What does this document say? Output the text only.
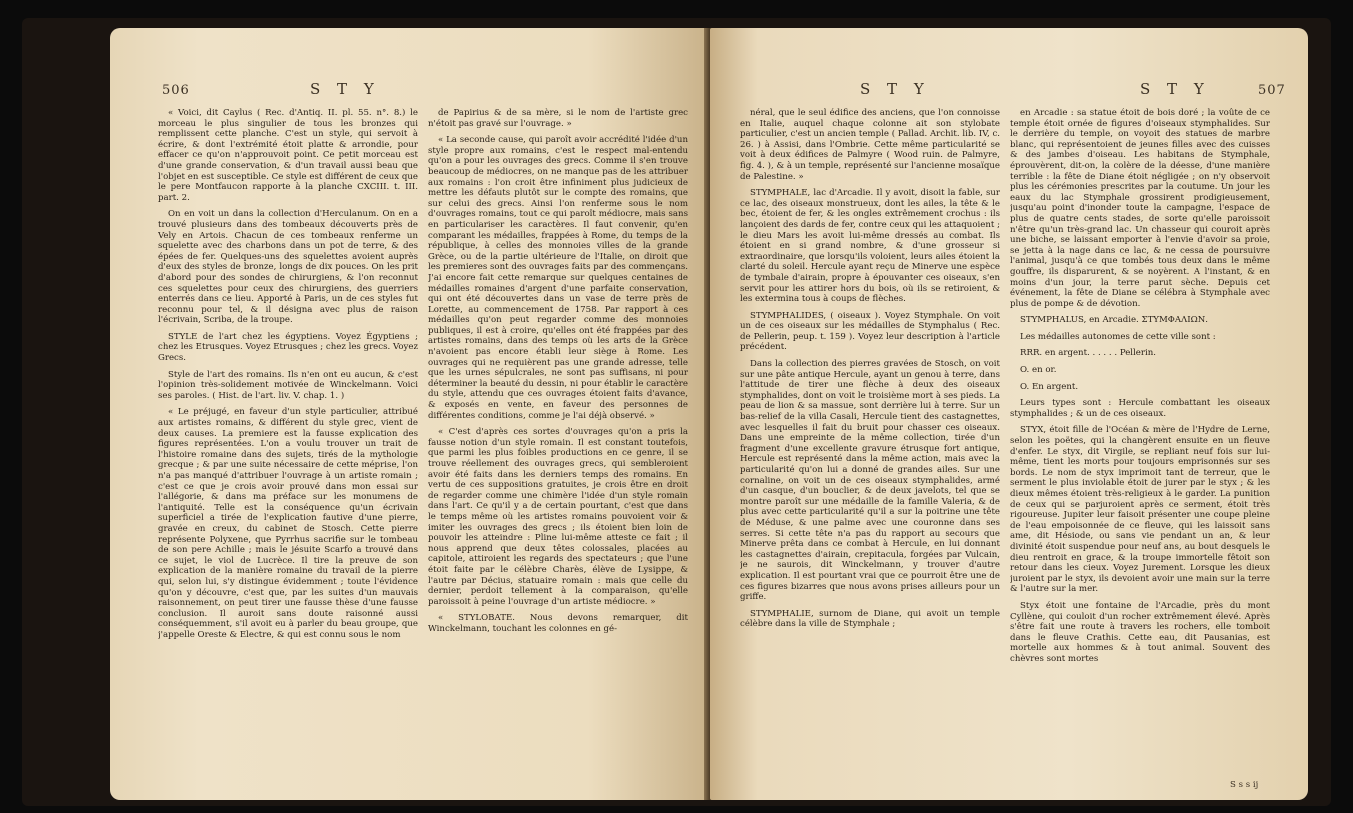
506	S T Y

« Voici, dit Caylus ( Rec. d'Antiq. II. pl. 55. n°. 8.) le morceau le plus singulier de tous les bronzes qui remplissent cette planche. C'est un style, qui servoit à écrire, & dont l'extrémité étoit platte & arrondie, pour effacer ce qu'on n'approuvoit point. Ce petit morceau est d'une grande conservation, & d'un travail aussi beau que l'objet en est susceptible. Ce style est différent de ceux que le pere Montfaucon rapporte à la planche CXCIII. t. III. part. 2.

On en voit un dans la collection d'Herculanum. On en a trouvé plusieurs dans des tombeaux découverts près de Vely en Artois. Chacun de ces tombeaux renferme un squelette avec des charbons dans un pot de terre, & des épées de fer. Quelques-uns des squelettes avoient auprès d'eux des styles de bronze, longs de dix pouces. On les prit d'abord pour des sondes de chirurgiens, & l'on reconnut ces squelettes pour ceux des chirurgiens, des guerriers enterrés dans ce lieu. Apporté à Paris, un de ces styles fut reconnu pour tel, & il désigna avec plus de raison l'écrivain, Scriba, de la troupe.

STYLE de l'art chez les égyptiens. Voyez Égyptiens ; chez les Etrusques. Voyez Etrusques ; chez les grecs. Voyez Grecs.

Style de l'art des romains. Ils n'en ont eu aucun, & c'est l'opinion très-solidement motivée de Winckelmann. Voici ses paroles. ( Hist. de l'art. liv. V. chap. 1. )

« Le préjugé, en faveur d'un style particulier, attribué aux artistes romains, & différent du style grec, vient de deux causes. La premiere est la fausse explication des figures représentées. L'on a voulu trouver un trait de l'histoire romaine dans des sujets, tirés de la mythologie grecque ; & par une suite nécessaire de cette méprise, l'on n'a pas manqué d'attribuer l'ouvrage à un artiste romain ; c'est ce que je crois avoir prouvé dans mon essai sur l'allégorie, & dans ma préface sur les monumens de l'antiquité. Telle est la conséquence qu'un écrivain superficiel a tirée de l'explication fautive d'une pierre, gravée en creux, du cabinet de Stosch. Cette pierre représente Polyxene, que Pyrrhus sacrifie sur le tombeau de son pere Achille ; mais le jésuite Scarfo a trouvé dans ce sujet, le viol de Lucrèce. Il tire la preuve de son explication de la manière romaine du travail de la pierre qui, selon lui, s'y distingue évidemment ; toute l'évidence qu'on y découvre, c'est que, par les suites d'un mauvais raisonnement, on peut tirer une fausse thèse d'une fausse conclusion. Il auroit sans doute raisonné aussi conséquemment, s'il avoit eu à parler du beau groupe, que j'appelle Oreste & Electre, & qui est connu sous le nom

de Papirius & de sa mère, si le nom de l'artiste grec n'étoit pas gravé sur l'ouvrage. »

« La seconde cause, qui paroît avoir accrédité l'idée d'un style propre aux romains, c'est le respect mal-entendu qu'on a pour les ouvrages des grecs. Comme il s'en trouve beaucoup de médiocres, on ne manque pas de les attribuer aux romains : l'on croit être infiniment plus judicieux de mettre les défauts plutôt sur le compte des romains, que sur celui des grecs. Ainsi l'on renferme sous le nom d'ouvrages romains, tout ce qui paroît médiocre, mais sans en particulariser les caractères. Il faut convenir, qu'en comparant les médailles, frappées à Rome, du temps de la république, à celles des monnoies villes de la grande Grèce, ou de la partie ultérieure de l'Italie, on diroit que les premieres sont des ouvrages faits par des commençans. J'ai encore fait cette remarque sur quelques centaines de médailles romaines d'argent d'une parfaite conservation, qui ont été découvertes dans un vase de terre près de Lorette, au commencement de 1758. Par rapport à ces médailles qu'on peut regarder comme des monnoies publiques, il est à croire, qu'elles ont été frappées par des artistes romains, dans des temps où les arts de la Grèce n'avoient pas encore établi leur siège à Rome. Les ouvrages qui ne requièrent pas une grande adresse, telle que les urnes sépulcrales, ne sont pas suffisans, ni pour déterminer la beauté du dessin, ni pour établir le caractère du style, attendu que ces ouvrages étoient faits d'avance, & exposés en vente, en faveur des personnes de différentes conditions, comme je l'ai déjà observé. »

« C'est d'après ces sortes d'ouvrages qu'on a pris la fausse notion d'un style romain. Il est constant toutefois, que parmi les plus foibles productions en ce genre, il se trouve réellement des ouvrages grecs, qui sembleroient avoir été faits dans les derniers temps des romains. En vertu de ces suppositions gratuites, je crois être en droit de regarder comme une chimère l'idée d'un style romain dans l'art. Ce qu'il y a de certain pourtant, c'est que dans le temps même où les artistes romains pouvoient voir & imiter les ouvrages des grecs ; ils étoient bien loin de pouvoir les atteindre : Pline lui-même atteste ce fait ; il nous apprend que deux têtes colossales, placées au capitole, attiroient les regards des spectateurs ; que l'une étoit faite par le célèbre Charès, élève de Lysippe, & l'autre par Décius, statuaire romain : mais que celle du dernier, perdoit tellement à la comparaison, qu'elle paroissoit à peine l'ouvrage d'un artiste médiocre. »

« STYLOBATE. Nous devons remarquer, dit Winckelmann, touchant les colonnes en gé-

S T Y	S T Y	507

néral, que le seul édifice des anciens, que l'on connoisse en Italie, auquel chaque colonne ait son stylobate particulier, c'est un ancien temple ( Pallad. Archit. lib. IV, c. 26. ) à Assisi, dans l'Ombrie. Cette même particularité se voit à deux édifices de Palmyre ( Wood ruin. de Palmyre, fig. 4. ), & à un temple, représenté sur l'ancienne mosaïque de Palestine. »

STYMPHALE, lac d'Arcadie. Il y avoit, disoit la fable, sur ce lac, des oiseaux monstrueux, dont les ailes, la tête & le bec, étoient de fer, & les ongles extrêmement crochus : ils lançoient des dards de fer, contre ceux qui les attaquoient ; le dieu Mars les avoit lui-même dressés au combat. Ils étoient en si grand nombre, & d'une grosseur si extraordinaire, que lorsqu'ils voloient, leurs ailes étoient la clarté du soleil. Hercule ayant reçu de Minerve une espèce de tymbale d'airain, propre à épouvanter ces oiseaux, s'en servit pour les attirer hors du bois, où ils se retiroient, & les extermina tous à coups de flèches.

STYMPHALIDES, ( oiseaux ). Voyez Stymphale. On voit un de ces oiseaux sur les médailles de Stymphalus ( Rec. de Pellerin, peup. t. 159 ). Voyez leur description à l'article précédent.

Dans la collection des pierres gravées de Stosch, on voit sur une pâte antique Hercule, ayant un genou à terre, dans l'attitude de tirer une flèche à deux des oiseaux stymphalides, dont on voit le troisième mort à ses pieds. La peau de lion & sa massue, sont derrière lui à terre. Sur un bas-relief de la villa Casali, Hercule tient des castagnettes, avec lesquelles il fait du bruit pour chasser ces oiseaux. Dans une empreinte de la même collection, tirée d'un fragment d'une excellente gravure étrusque fort antique, Hercule est représenté dans la même action, mais avec la particularité qu'on lui a donné de grandes ailes. Sur une cornaline, on voit un de ces oiseaux stymphalides, armé d'un casque, d'un bouclier, & de deux javelots, tel que se montre paroît sur une médaille de la famille Valeria, & de plus avec cette particularité qu'il a sur la poitrine une tête de Méduse, & une palme avec une couronne dans ses serres. Si cette tête n'a pas du rapport au secours que Minerve prêta dans ce combat à Hercule, en lui donnant les castagnettes d'airain, crepitacula, forgées par Vulcain, je ne saurois, dit Winckelmann, y trouver d'autre explication. Il est pourtant vrai que ce pourroit être une de ces figures bizarres que nous avons prises ailleurs pour un griffe.

STYMPHALIE, surnom de Diane, qui avoit un temple célèbre dans la ville de Stymphale ;

en Arcadie : sa statue étoit de bois doré ; la voûte de ce temple étoit ornée de figures d'oiseaux stymphalides. Sur le derrière du temple, on voyoit des statues de marbre blanc, qui représentoient de jeunes filles avec des cuisses & des jambes d'oiseau. Les habitans de Stymphale, éprouvèrent, dit-on, la colère de la déesse, d'une manière terrible : la fête de Diane étoit négligée ; on n'y observoit plus les cérémonies prescrites par la coutume. Un jour les eaux du lac Stymphale grossirent prodigieusement, jusqu'au point d'inonder toute la campagne, l'espace de plus de quatre cents stades, de sorte qu'elle paroissoit n'être qu'un très-grand lac. Un chasseur qui couroit après une biche, se laissant emporter à l'envie d'avoir sa proie, se jetta à la nage dans ce lac, & ne cessa de poursuivre l'animal, jusqu'à ce que tombés tous deux dans le même gouffre, ils disparurent, & se noyèrent. A l'instant, & en moins d'un jour, la terre parut sèche. Depuis cet événement, la fête de Diane se célébra à Stymphale avec plus de pompe & de dévotion.

STYMPHALUS, en Arcadie. ΣΤΥΜΦΑΛΙΩΝ.

Les médailles autonomes de cette ville sont :

RRR. en argent. . . . . . Pellerin.

O. en or.

O. En argent.

Leurs types sont : Hercule combattant les oiseaux stymphalides ; & un de ces oiseaux.

STYX, étoit fille de l'Océan & mère de l'Hydre de Lerne, selon les poëtes, qui la changèrent ensuite en un fleuve d'enfer. Le styx, dit Virgile, se repliant neuf fois sur lui-même, tient les morts pour toujours emprisonnés sur ses bords. Le nom de styx imprimoit tant de terreur, que le serment le plus inviolable étoit de jurer par le styx ; & les dieux mêmes étoient très-religieux à le garder. La punition de ceux qui se parjuroient après ce serment, étoit très rigoureuse. Jupiter leur faisoit présenter une coupe pleine de l'eau empoisonnée de ce fleuve, qui les laissoit sans ame, dit Hésiode, ou sans vie pendant un an, & leur divinité étoit suspendue pour neuf ans, au bout desquels le dieu rentroit en grace, & la troupe immortelle fêtoit son retour dans les cieux. Voyez Jurement. Lorsque les dieux juroient par le styx, ils devoient avoir une main sur la terre & l'autre sur la mer.

Styx étoit une fontaine de l'Arcadie, près du mont Cyllène, qui couloit d'un rocher extrêmement élevé. Après s'être fait une route à travers les rochers, elle tomboit dans le fleuve Crathis. Cette eau, dit Pausanias, est mortelle aux hommes & à tout animal. Souvent des chèvres sont mortes

S s s ij
